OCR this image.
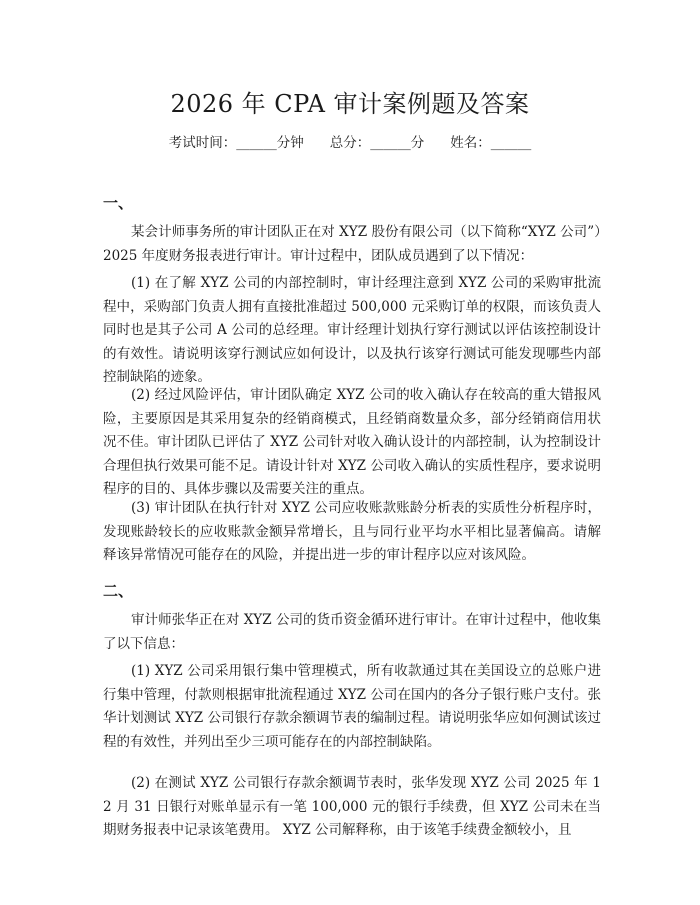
2026 年 CPA 审计案例题及答案
考试时间：______分钟 总分：______分 姓名：______
一、

某会计师事务所的审计团队正在对 XYZ 股份有限公司（以下简称“XYZ 公司”）2025 年度财务报表进行审计。审计过程中，团队成员遇到了以下情况：

(1) 在了解 XYZ 公司的内部控制时，审计经理注意到 XYZ 公司的采购审批流程中，采购部门负责人拥有直接批准超过 500,000 元采购订单的权限，而该负责人同时也是其子公司 A 公司的总经理。审计经理计划执行穿行测试以评估该控制设计的有效性。请说明该穿行测试应如何设计，以及执行该穿行测试可能发现哪些内部控制缺陷的迹象。

(2) 经过风险评估，审计团队确定 XYZ 公司的收入确认存在较高的重大错报风险，主要原因是其采用复杂的经销商模式，且经销商数量众多，部分经销商信用状况不佳。审计团队已评估了 XYZ 公司针对收入确认设计的内部控制，认为控制设计合理但执行效果可能不足。请设计针对 XYZ 公司收入确认的实质性程序，要求说明程序的目的、具体步骤以及需要关注的重点。

(3) 审计团队在执行针对 XYZ 公司应收账款账龄分析表的实质性分析程序时，发现账龄较长的应收账款金额异常增长，且与同行业平均水平相比显著偏高。请解释该异常情况可能存在的风险，并提出进一步的审计程序以应对该风险。

二、

审计师张华正在对 XYZ 公司的货币资金循环进行审计。在审计过程中，他收集了以下信息：

(1) XYZ 公司采用银行集中管理模式，所有收款通过其在美国设立的总账户进行集中管理，付款则根据审批流程通过 XYZ 公司在国内的各分子银行账户支付。张华计划测试 XYZ 公司银行存款余额调节表的编制过程。请说明张华应如何测试该过程的有效性，并列出至少三项可能存在的内部控制缺陷。

(2) 在测试 XYZ 公司银行存款余额调节表时，张华发现 XYZ 公司 2025 年 12 月 31 日银行对账单显示有一笔 100,000 元的银行手续费，但 XYZ 公司未在当期财务报表中记录该笔费用。 XYZ 公司解释称，由于该笔手续费金额较小，且
